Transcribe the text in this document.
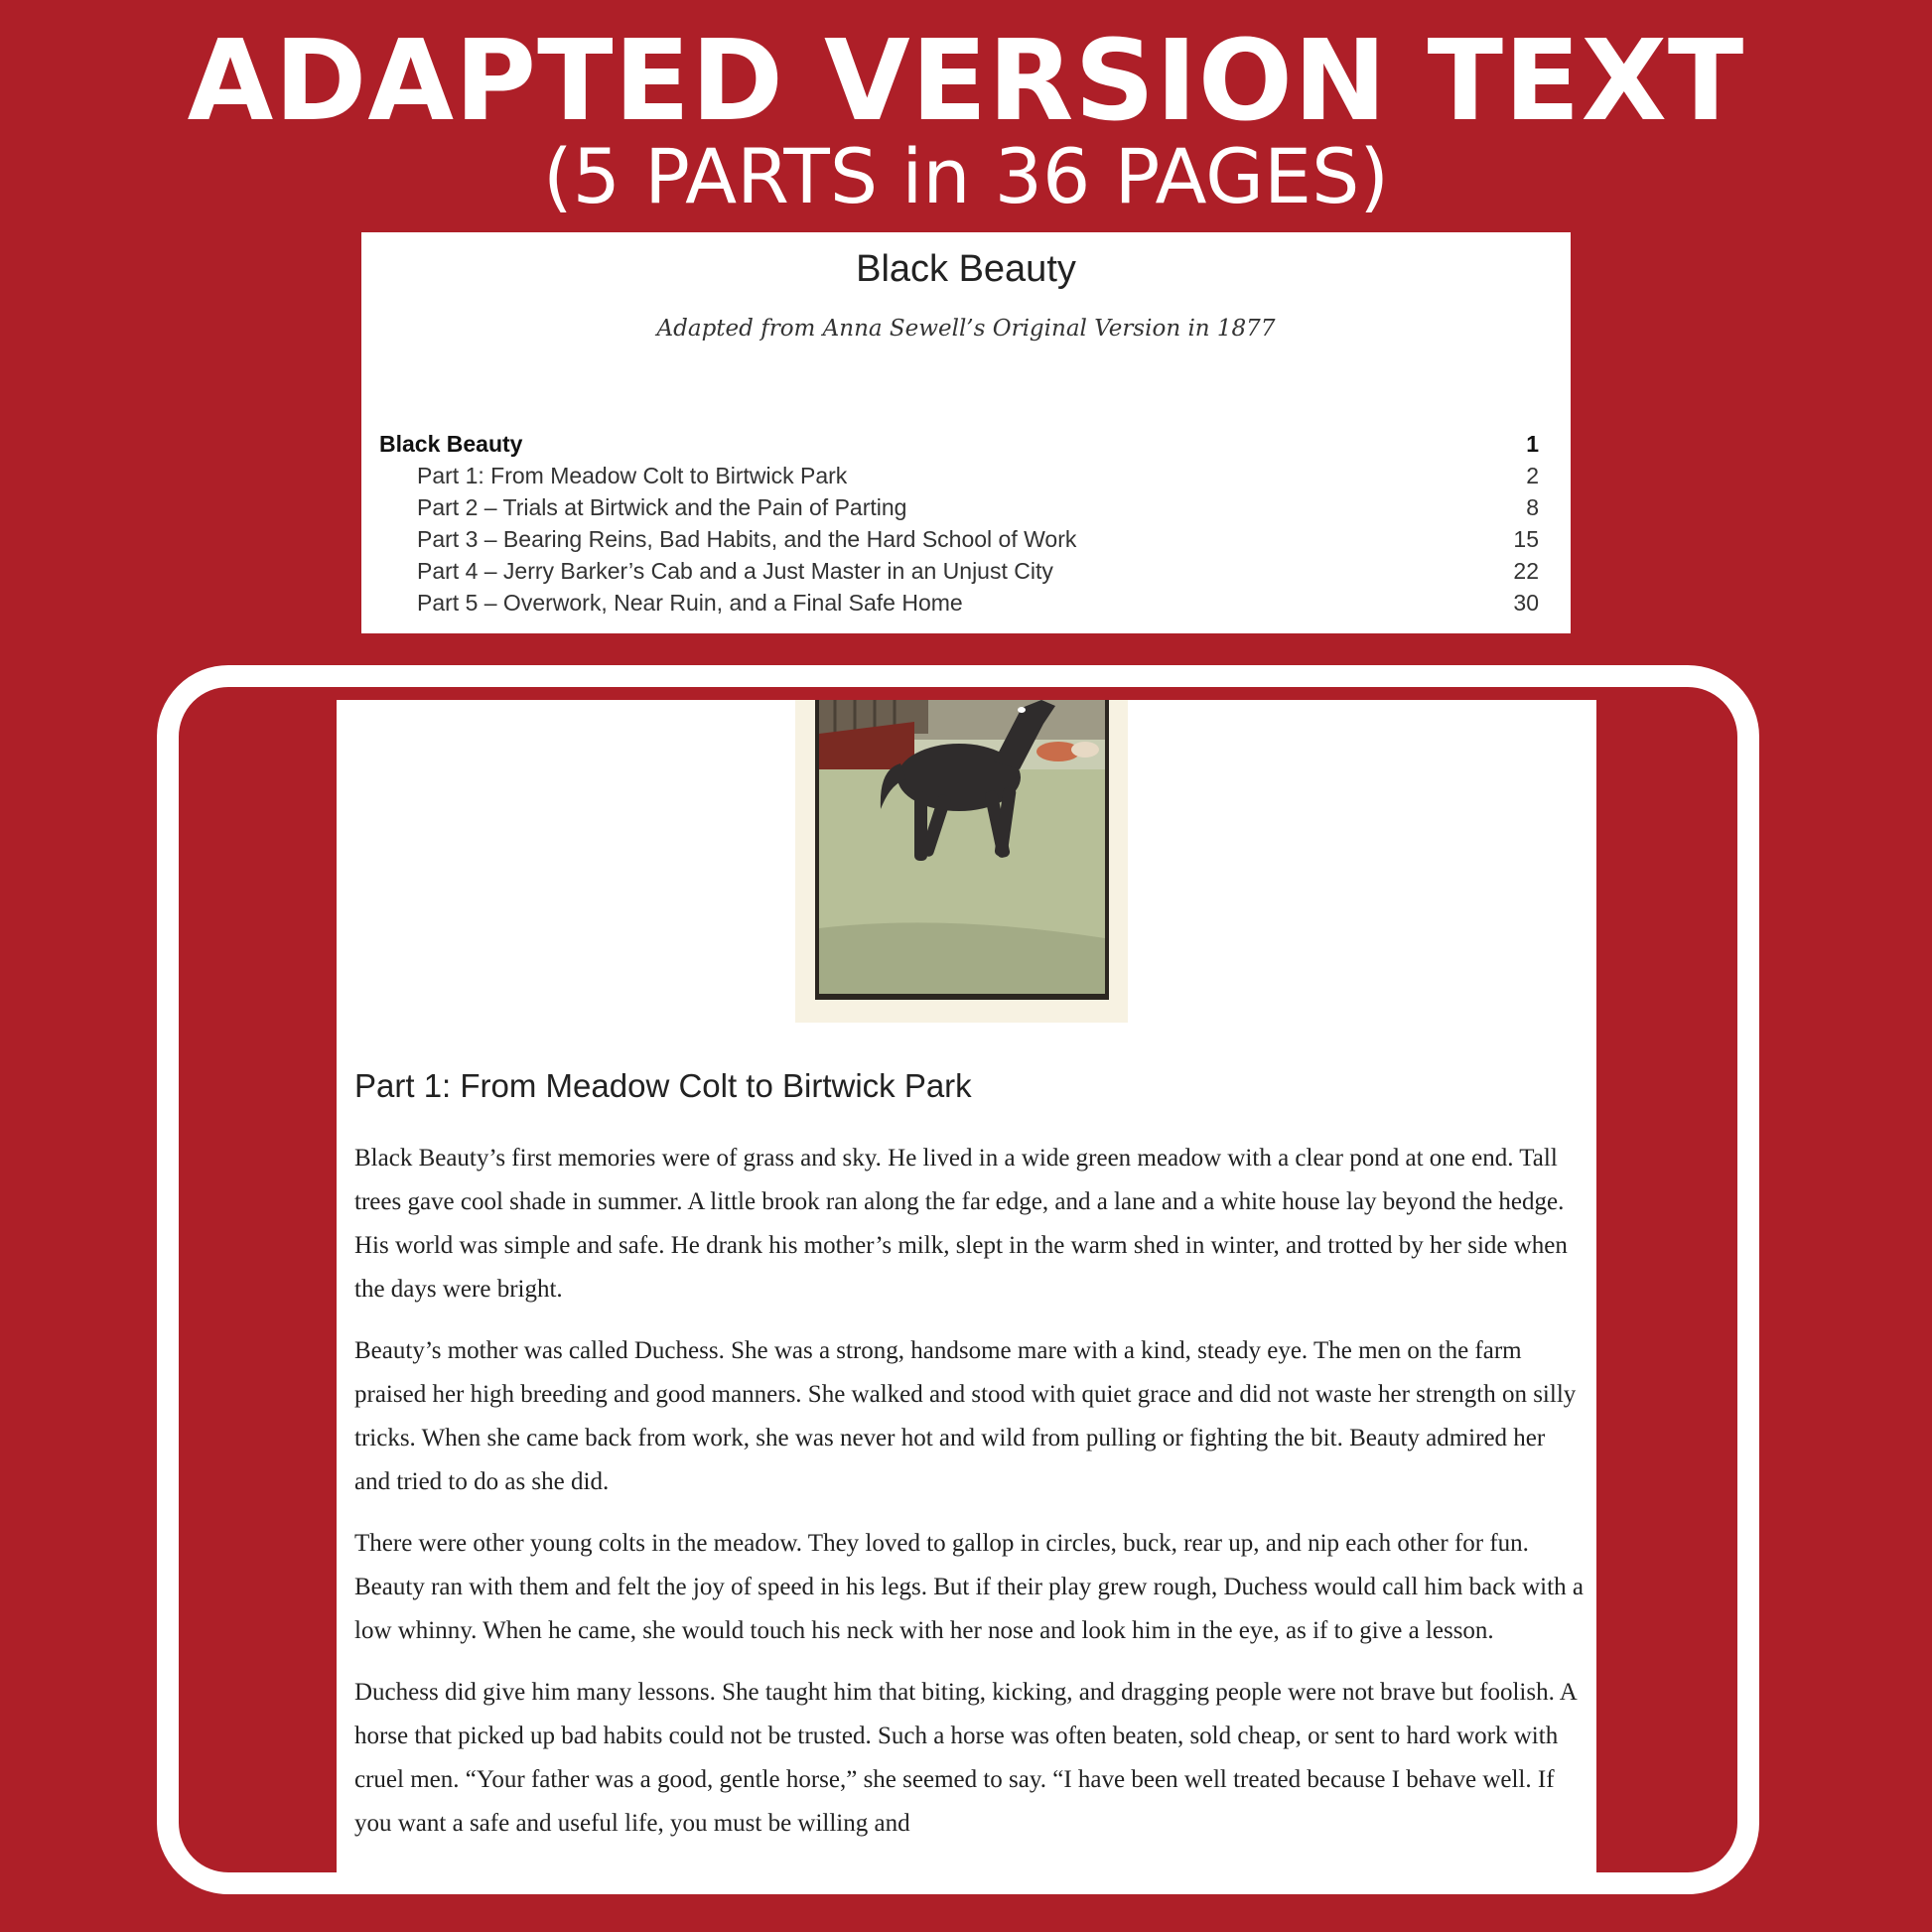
ADAPTED VERSION TEXT
(5 PARTS in 36 PAGES)
Black Beauty
Adapted from Anna Sewell’s Original Version in 1877
Black Beauty	1
Part 1: From Meadow Colt to Birtwick Park	2
Part 2 – Trials at Birtwick and the Pain of Parting	8
Part 3 – Bearing Reins, Bad Habits, and the Hard School of Work	15
Part 4 – Jerry Barker’s Cab and a Just Master in an Unjust City	22
Part 5 – Overwork, Near Ruin, and a Final Safe Home	30
Part 1: From Meadow Colt to Birtwick Park

Black Beauty’s first memories were of grass and sky. He lived in a wide green meadow with a clear pond at one end. Tall trees gave cool shade in summer. A little brook ran along the far edge, and a lane and a white house lay beyond the hedge. His world was simple and safe. He drank his mother’s milk, slept in the warm shed in winter, and trotted by her side when the days were bright.

Beauty’s mother was called Duchess. She was a strong, handsome mare with a kind, steady eye. The men on the farm praised her high breeding and good manners. She walked and stood with quiet grace and did not waste her strength on silly tricks. When she came back from work, she was never hot and wild from pulling or fighting the bit. Beauty admired her and tried to do as she did.

There were other young colts in the meadow. They loved to gallop in circles, buck, rear up, and nip each other for fun. Beauty ran with them and felt the joy of speed in his legs. But if their play grew rough, Duchess would call him back with a low whinny. When he came, she would touch his neck with her nose and look him in the eye, as if to give a lesson.

Duchess did give him many lessons. She taught him that biting, kicking, and dragging people were not brave but foolish. A horse that picked up bad habits could not be trusted. Such a horse was often beaten, sold cheap, or sent to hard work with cruel men. “Your father was a good, gentle horse,” she seemed to say. “I have been well treated because I behave well. If you want a safe and useful life, you must be willing and
